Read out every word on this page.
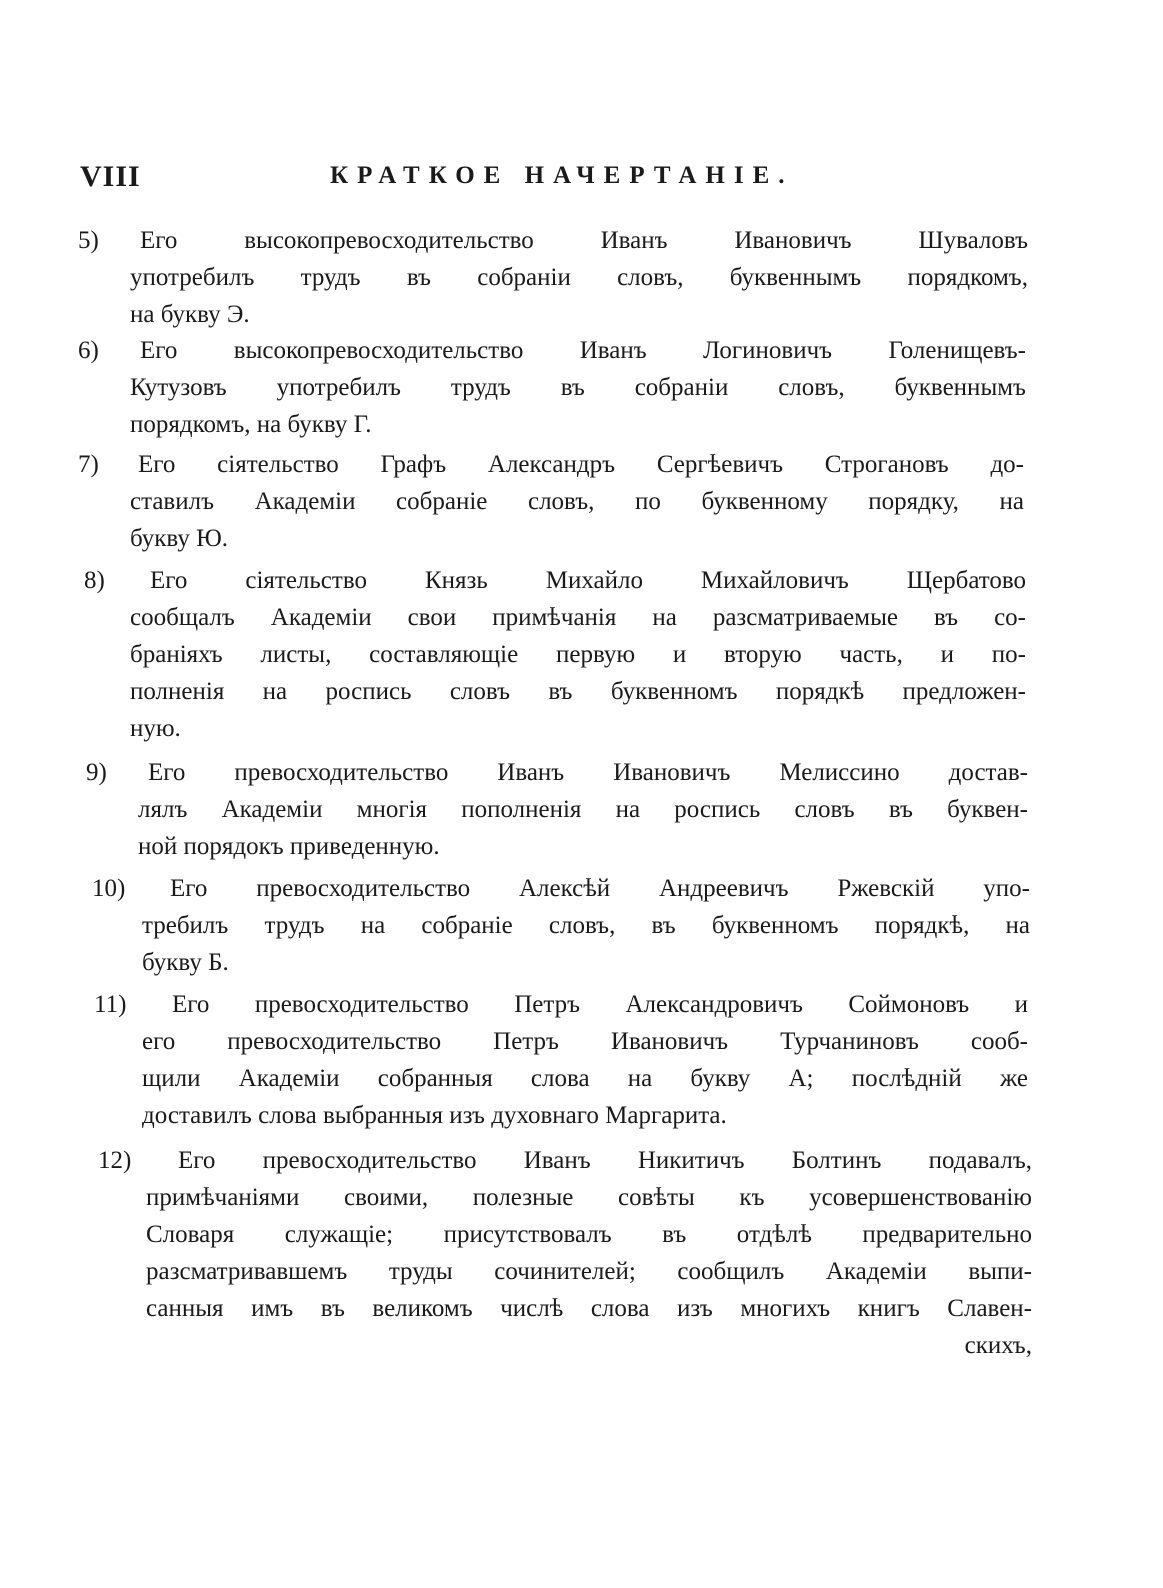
VIII	КРАТКОЕ НАЧЕРТАНІЕ.
5) Его высокопревосходительство Иванъ Ивановичъ Шуваловъ
употребилъ трудъ въ собраніи словъ, буквеннымъ порядкомъ,
на букву Э.
6) Его высокопревосходительство Иванъ Логиновичъ Голенищевъ-
Кутузовъ употребилъ трудъ въ собраніи словъ, буквеннымъ
порядкомъ, на букву Г.
7) Его сіятельство Графъ Александръ Сергѣевичъ Строгановъ до-
ставилъ Академіи собраніе словъ, по буквенному порядку, на
букву Ю.
8) Его сіятельство Князь Михайло Михайловичъ Щербатово
сообщалъ Академіи свои примѣчанія на разсматриваемые въ со-
браніяхъ листы, составляющіе первую и вторую часть, и по-
полненія на роспись словъ въ буквенномъ порядкѣ предложен-
ную.
9) Его превосходительство Иванъ Ивановичъ Мелиссино достав-
лялъ Академіи многія пополненія на роспись словъ въ буквен-
ной порядокъ приведенную.
10) Его превосходительство Алексѣй Андреевичъ Ржевскій упо-
требилъ трудъ на собраніе словъ, въ буквенномъ порядкѣ, на
букву Б.
11) Его превосходительство Петръ Александровичъ Соймоновъ и
его превосходительство Петръ Ивановичъ Турчаниновъ сооб-
щили Академіи собранныя слова на букву А; послѣдній же
доставилъ слова выбранныя изъ духовнаго Маргарита.
12) Его превосходительство Иванъ Никитичъ Болтинъ подавалъ,
примѣчаніями своими, полезные совѣты къ усовершенствованію
Словаря служащіе; присутствовалъ въ отдѣлѣ предварительно
разсматривавшемъ труды сочинителей; сообщилъ Академіи выпи-
санныя имъ въ великомъ числѣ слова изъ многихъ книгъ Славен-
скихъ,
